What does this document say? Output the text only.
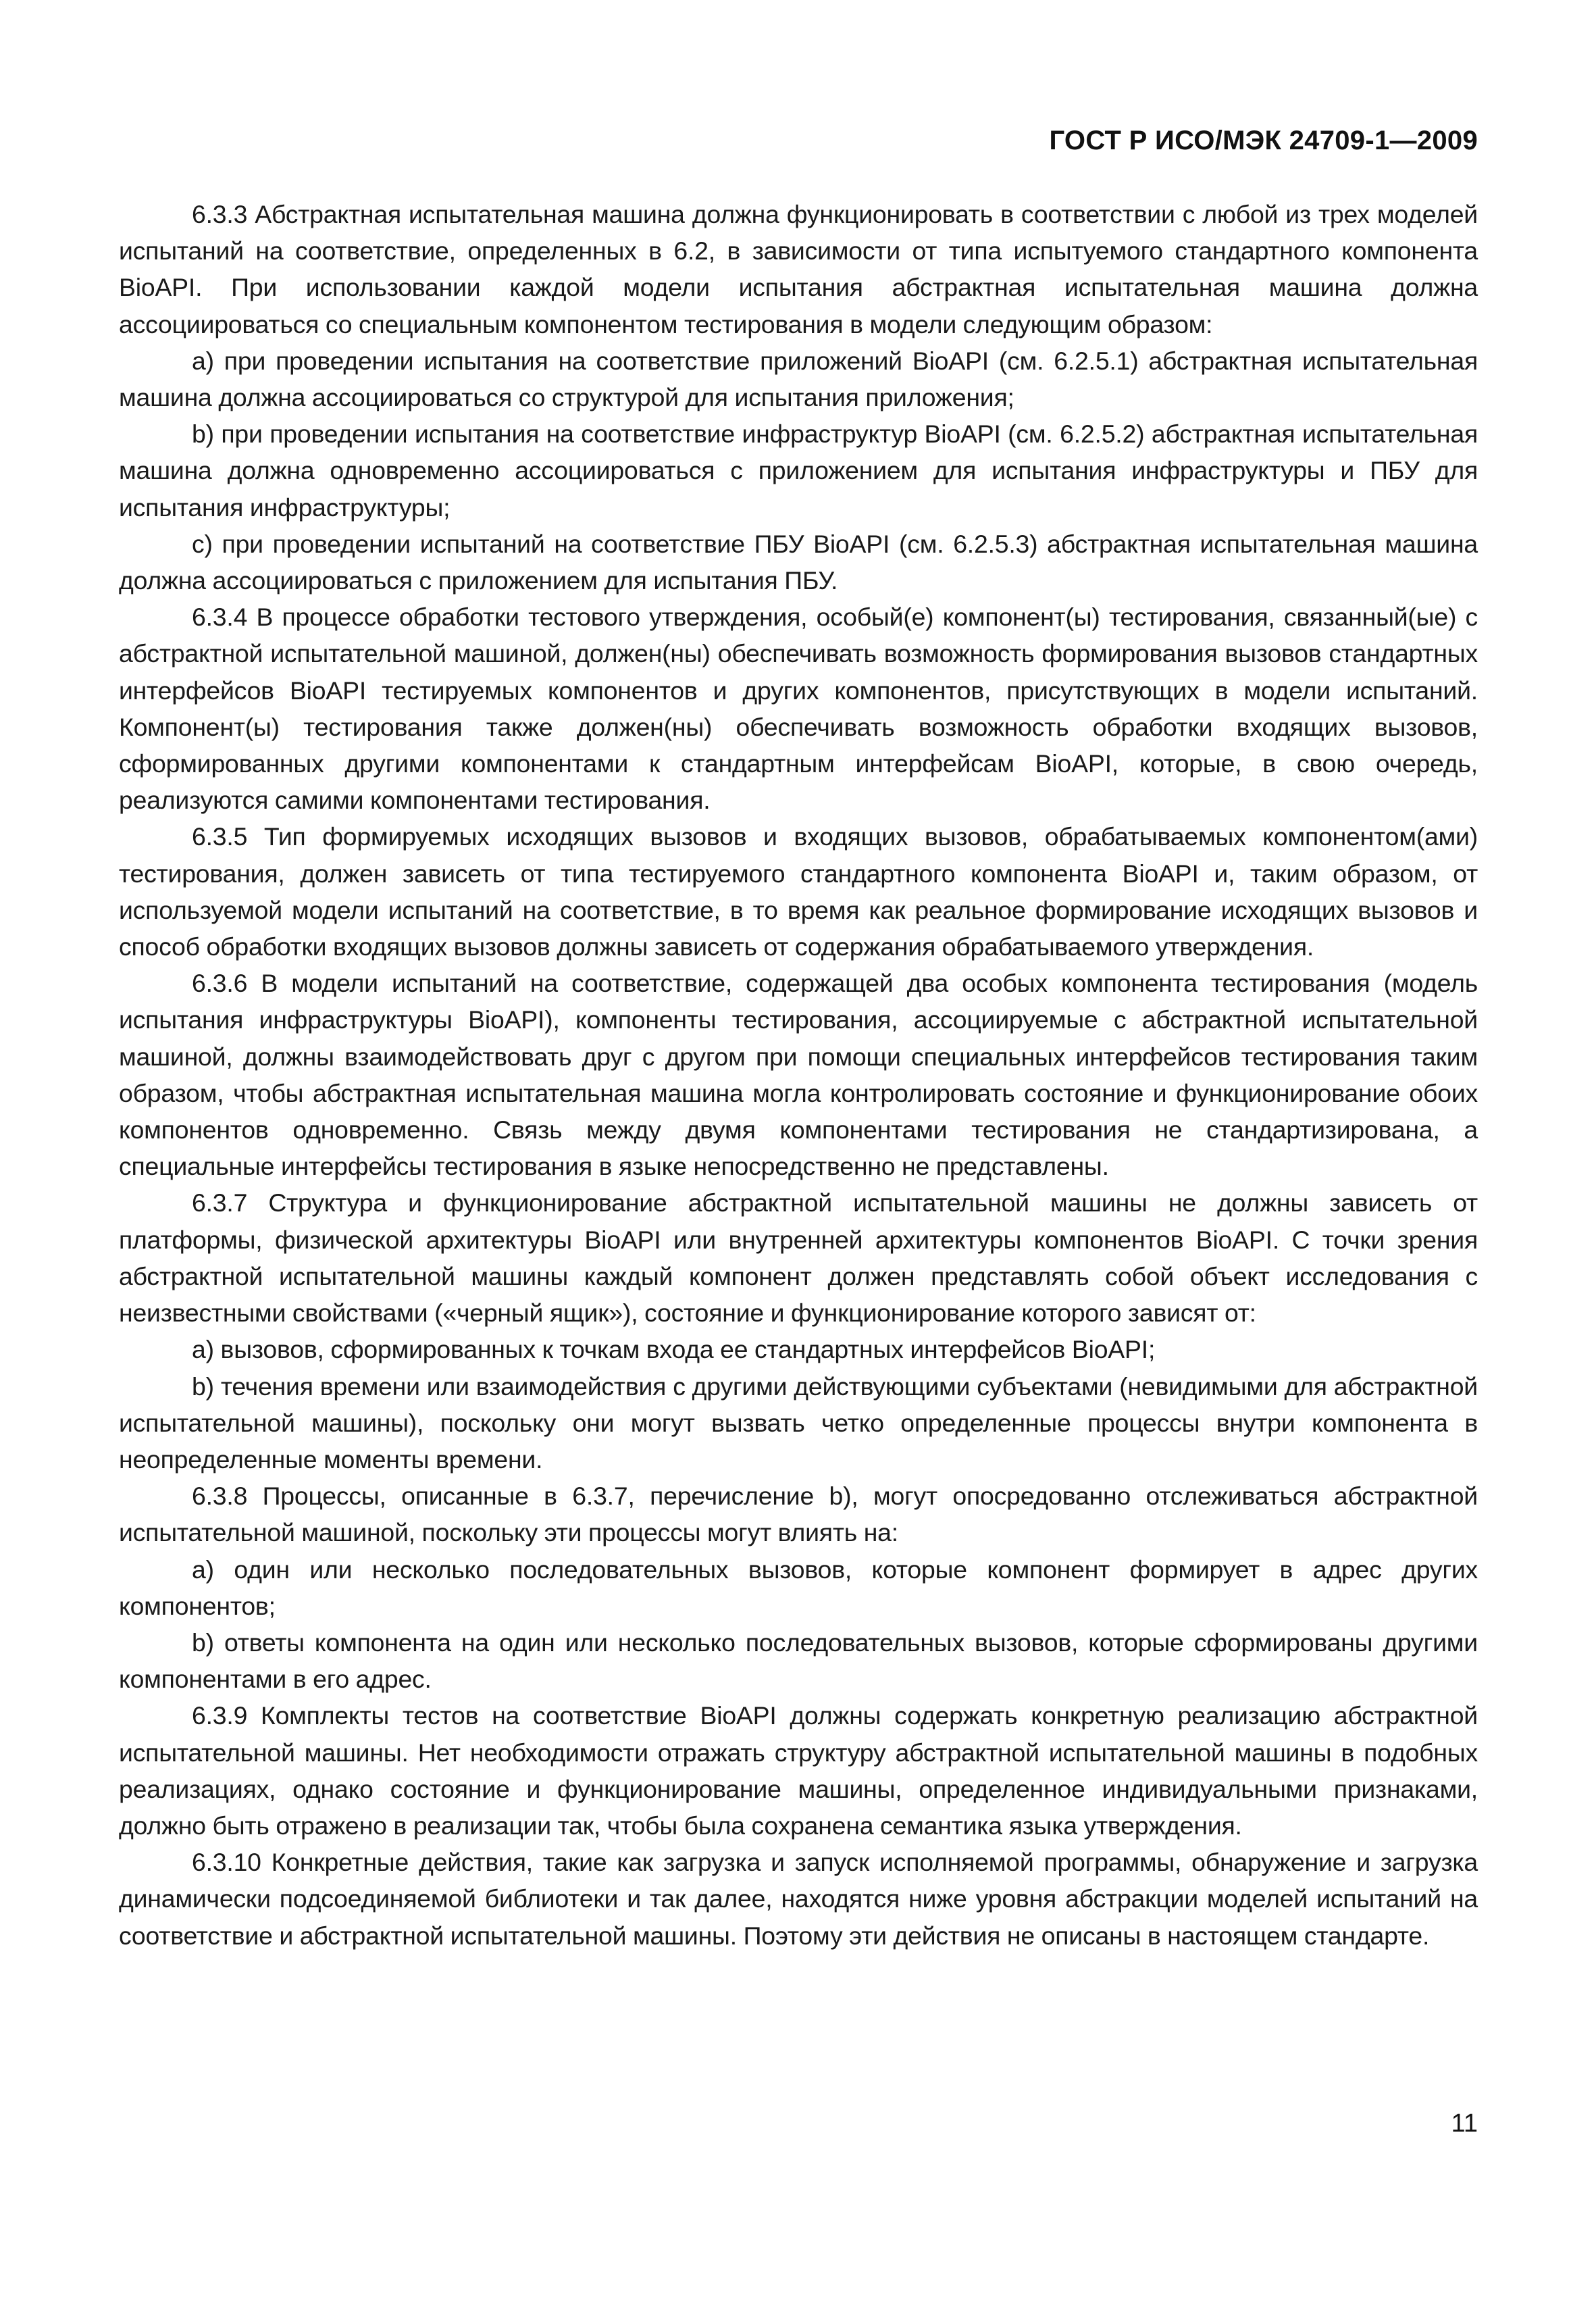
ГОСТ Р ИСО/МЭК 24709-1—2009

6.3.3 Абстрактная испытательная машина должна функционировать в соответствии с любой из трех моделей испытаний на соответствие, определенных в 6.2, в зависимости от типа испытуемого стандартного компонента BioAPI. При использовании каждой модели испытания абстрактная испытательная машина должна ассоциироваться со специальным компонентом тестирования в модели следующим образом:

a) при проведении испытания на соответствие приложений BioAPI (см. 6.2.5.1) абстрактная испытательная машина должна ассоциироваться со структурой для испытания приложения;

b) при проведении испытания на соответствие инфраструктур BioAPI (см. 6.2.5.2) абстрактная испытательная машина должна одновременно ассоциироваться с приложением для испытания инфраструктуры и ПБУ для испытания инфраструктуры;

c) при проведении испытаний на соответствие ПБУ BioAPI (см. 6.2.5.3) абстрактная испытательная машина должна ассоциироваться с приложением для испытания ПБУ.

6.3.4 В процессе обработки тестового утверждения, особый(е) компонент(ы) тестирования, связанный(ые) с абстрактной испытательной машиной, должен(ны) обеспечивать возможность формирования вызовов стандартных интерфейсов BioAPI тестируемых компонентов и других компонентов, присутствующих в модели испытаний. Компонент(ы) тестирования также должен(ны) обеспечивать возможность обработки входящих вызовов, сформированных другими компонентами к стандартным интерфейсам BioAPI, которые, в свою очередь, реализуются самими компонентами тестирования.

6.3.5 Тип формируемых исходящих вызовов и входящих вызовов, обрабатываемых компонентом(ами) тестирования, должен зависеть от типа тестируемого стандартного компонента BioAPI и, таким образом, от используемой модели испытаний на соответствие, в то время как реальное формирование исходящих вызовов и способ обработки входящих вызовов должны зависеть от содержания обрабатываемого утверждения.

6.3.6 В модели испытаний на соответствие, содержащей два особых компонента тестирования (модель испытания инфраструктуры BioAPI), компоненты тестирования, ассоциируемые с абстрактной испытательной машиной, должны взаимодействовать друг с другом при помощи специальных интерфейсов тестирования таким образом, чтобы абстрактная испытательная машина могла контролировать состояние и функционирование обоих компонентов одновременно. Связь между двумя компонентами тестирования не стандартизирована, а специальные интерфейсы тестирования в языке непосредственно не представлены.

6.3.7 Структура и функционирование абстрактной испытательной машины не должны зависеть от платформы, физической архитектуры BioAPI или внутренней архитектуры компонентов BioAPI. С точки зрения абстрактной испытательной машины каждый компонент должен представлять собой объект исследования с неизвестными свойствами («черный ящик»), состояние и функционирование которого зависят от:

a) вызовов, сформированных к точкам входа ее стандартных интерфейсов BioAPI;

b) течения времени или взаимодействия с другими действующими субъектами (невидимыми для абстрактной испытательной машины), поскольку они могут вызвать четко определенные процессы внутри компонента в неопределенные моменты времени.

6.3.8 Процессы, описанные в 6.3.7, перечисление b), могут опосредованно отслеживаться абстрактной испытательной машиной, поскольку эти процессы могут влиять на:

a) один или несколько последовательных вызовов, которые компонент формирует в адрес других компонентов;

b) ответы компонента на один или несколько последовательных вызовов, которые сформированы другими компонентами в его адрес.

6.3.9 Комплекты тестов на соответствие BioAPI должны содержать конкретную реализацию абстрактной испытательной машины. Нет необходимости отражать структуру абстрактной испытательной машины в подобных реализациях, однако состояние и функционирование машины, определенное индивидуальными признаками, должно быть отражено в реализации так, чтобы была сохранена семантика языка утверждения.

6.3.10 Конкретные действия, такие как загрузка и запуск исполняемой программы, обнаружение и загрузка динамически подсоединяемой библиотеки и так далее, находятся ниже уровня абстракции моделей испытаний на соответствие и абстрактной испытательной машины. Поэтому эти действия не описаны в настоящем стандарте.

11
